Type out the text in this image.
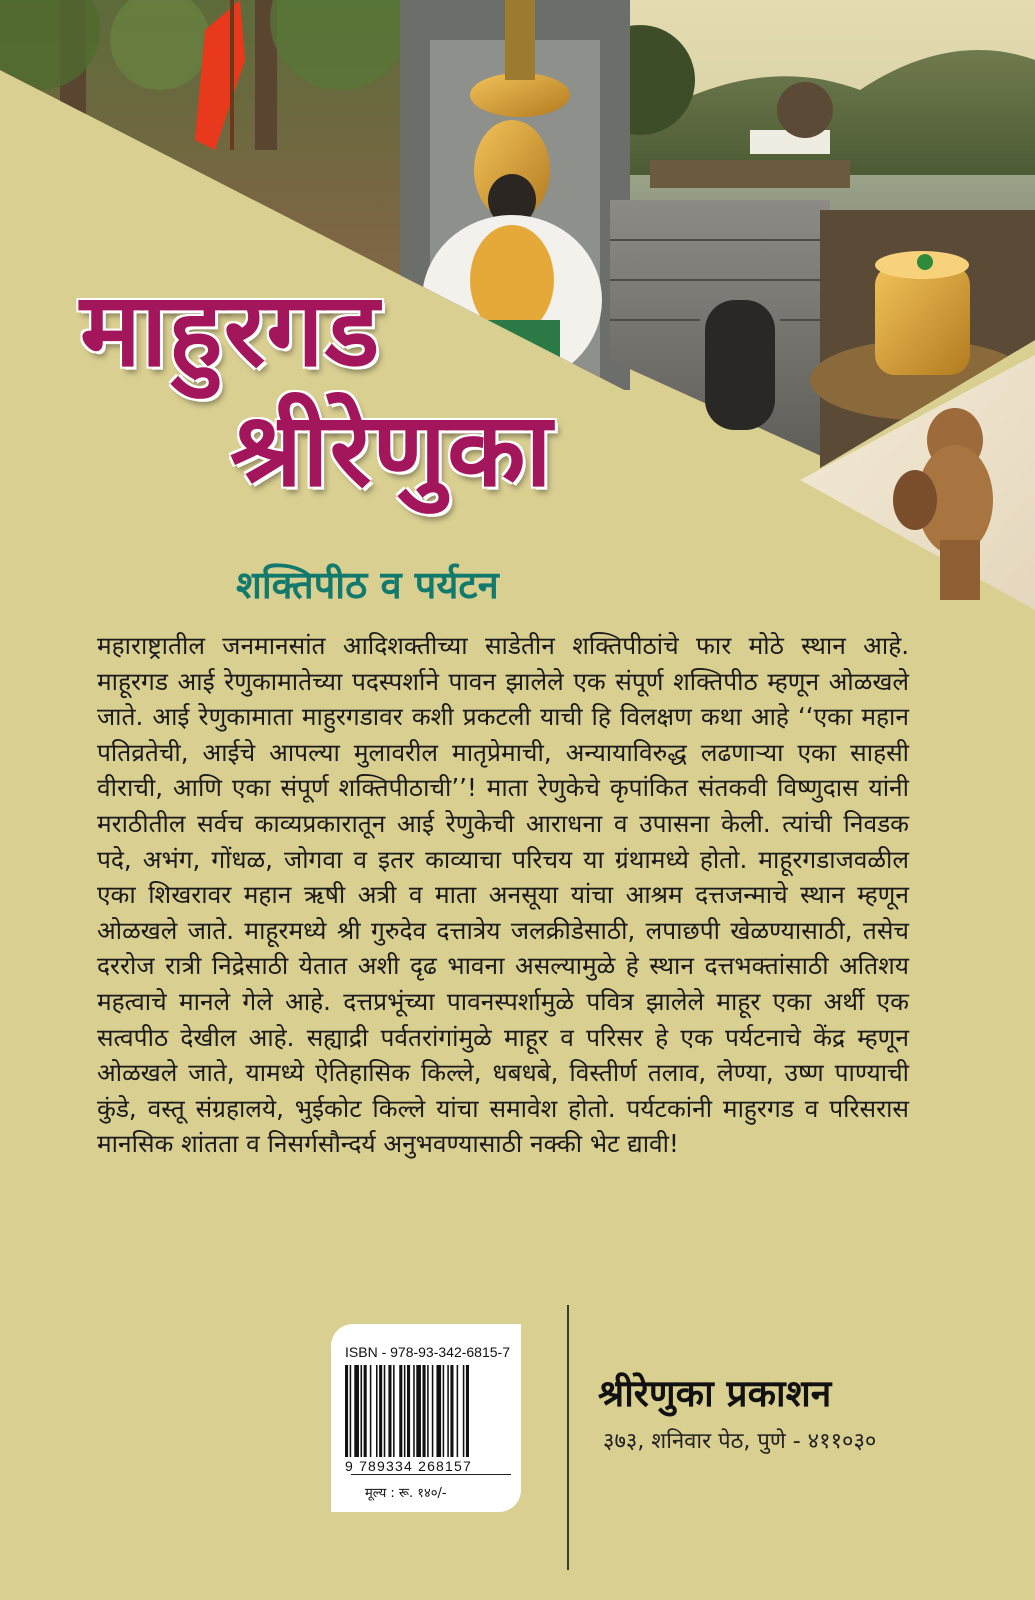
माहुरगड
श्रीरेणुका
शक्तिपीठ व पर्यटन
महाराष्ट्रातील जनमानसांत आदिशक्तीच्या साडेतीन शक्तिपीठांचे फार मोठे स्थान आहे. माहूरगड आई रेणुकामातेच्या पदस्पर्शाने पावन झालेले एक संपूर्ण शक्तिपीठ म्हणून ओळखले जाते. आई रेणुकामाता माहुरगडावर कशी प्रकटली याची हि विलक्षण कथा आहे ‘‘एका महान पतिव्रतेची, आईचे आपल्या मुलावरील मातृप्रेमाची, अन्यायाविरुद्ध लढणाऱ्या एका साहसी वीराची, आणि एका संपूर्ण शक्तिपीठाची’’! माता रेणुकेचे कृपांकित संतकवी विष्णुदास यांनी मराठीतील सर्वच काव्यप्रकारातून आई रेणुकेची आराधना व उपासना केली. त्यांची निवडक पदे, अभंग, गोंधळ, जोगवा व इतर काव्याचा परिचय या ग्रंथामध्ये होतो. माहूरगडाजवळील एका शिखरावर महान ऋषी अत्री व माता अनसूया यांचा आश्रम दत्तजन्माचे स्थान म्हणून ओळखले जाते. माहूरमध्ये श्री गुरुदेव दत्तात्रेय जलक्रीडेसाठी, लपाछपी खेळण्यासाठी, तसेच दररोज रात्री निद्रेसाठी येतात अशी दृढ भावना असल्यामुळे हे स्थान दत्तभक्तांसाठी अतिशय महत्वाचे मानले गेले आहे. दत्तप्रभूंच्या पावनस्पर्शामुळे पवित्र झालेले माहूर एका अर्थी एक सत्वपीठ देखील आहे. सह्याद्री पर्वतरांगांमुळे माहूर व परिसर हे एक पर्यटनाचे केंद्र म्हणून ओळखले जाते, यामध्ये ऐतिहासिक किल्ले, धबधबे, विस्तीर्ण तलाव, लेण्या, उष्ण पाण्याची कुंडे, वस्तू संग्रहालये, भुईकोट किल्ले यांचा समावेश होतो. पर्यटकांनी माहुरगड व परिसरास मानसिक शांतता व निसर्गसौन्दर्य अनुभवण्यासाठी नक्की भेट द्यावी!
ISBN - 978-93-342-6815-7
9 789334 268157
मूल्य : रू. १४०/-
श्रीरेणुका प्रकाशन
३७३, शनिवार पेठ, पुणे - ४११०३०
